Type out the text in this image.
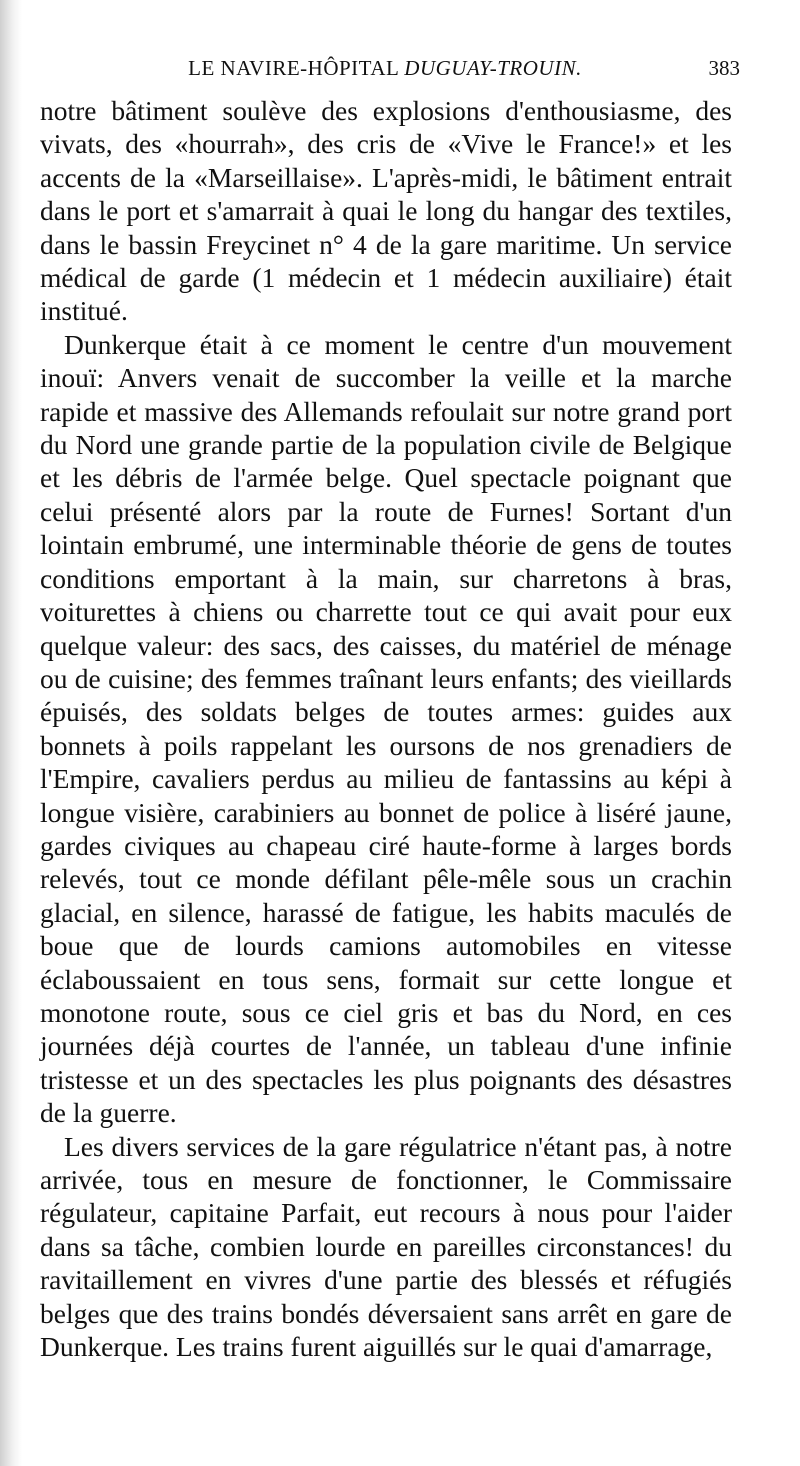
LE NAVIRE-HÔPITAL DUGUAY-TROUIN.	383

notre bâtiment soulève des explosions d'enthousiasme, des vivats, des «hourrah», des cris de «Vive le France!» et les accents de la «Marseillaise». L'après-midi, le bâtiment entrait dans le port et s'amarrait à quai le long du hangar des textiles, dans le bassin Freycinet n° 4 de la gare maritime. Un service médical de garde (1 médecin et 1 médecin auxiliaire) était institué.

Dunkerque était à ce moment le centre d'un mouvement inouï: Anvers venait de succomber la veille et la marche rapide et massive des Allemands refoulait sur notre grand port du Nord une grande partie de la population civile de Belgique et les débris de l'armée belge. Quel spectacle poignant que celui présenté alors par la route de Furnes! Sortant d'un lointain embrumé, une interminable théorie de gens de toutes conditions emportant à la main, sur charretons à bras, voiturettes à chiens ou charrette tout ce qui avait pour eux quelque valeur: des sacs, des caisses, du matériel de ménage ou de cuisine; des femmes traînant leurs enfants; des vieillards épuisés, des soldats belges de toutes armes: guides aux bonnets à poils rappelant les oursons de nos grenadiers de l'Empire, cavaliers perdus au milieu de fantassins au képi à longue visière, carabiniers au bonnet de police à liséré jaune, gardes civiques au chapeau ciré haute-forme à larges bords relevés, tout ce monde défilant pêle-mêle sous un crachin glacial, en silence, harassé de fatigue, les habits maculés de boue que de lourds camions automobiles en vitesse éclaboussaient en tous sens, formait sur cette longue et monotone route, sous ce ciel gris et bas du Nord, en ces journées déjà courtes de l'année, un tableau d'une infinie tristesse et un des spectacles les plus poignants des désastres de la guerre.

Les divers services de la gare régulatrice n'étant pas, à notre arrivée, tous en mesure de fonctionner, le Commissaire régulateur, capitaine Parfait, eut recours à nous pour l'aider dans sa tâche, combien lourde en pareilles circonstances! du ravitaillement en vivres d'une partie des blessés et réfugiés belges que des trains bondés déversaient sans arrêt en gare de Dunkerque. Les trains furent aiguillés sur le quai d'amarrage,
